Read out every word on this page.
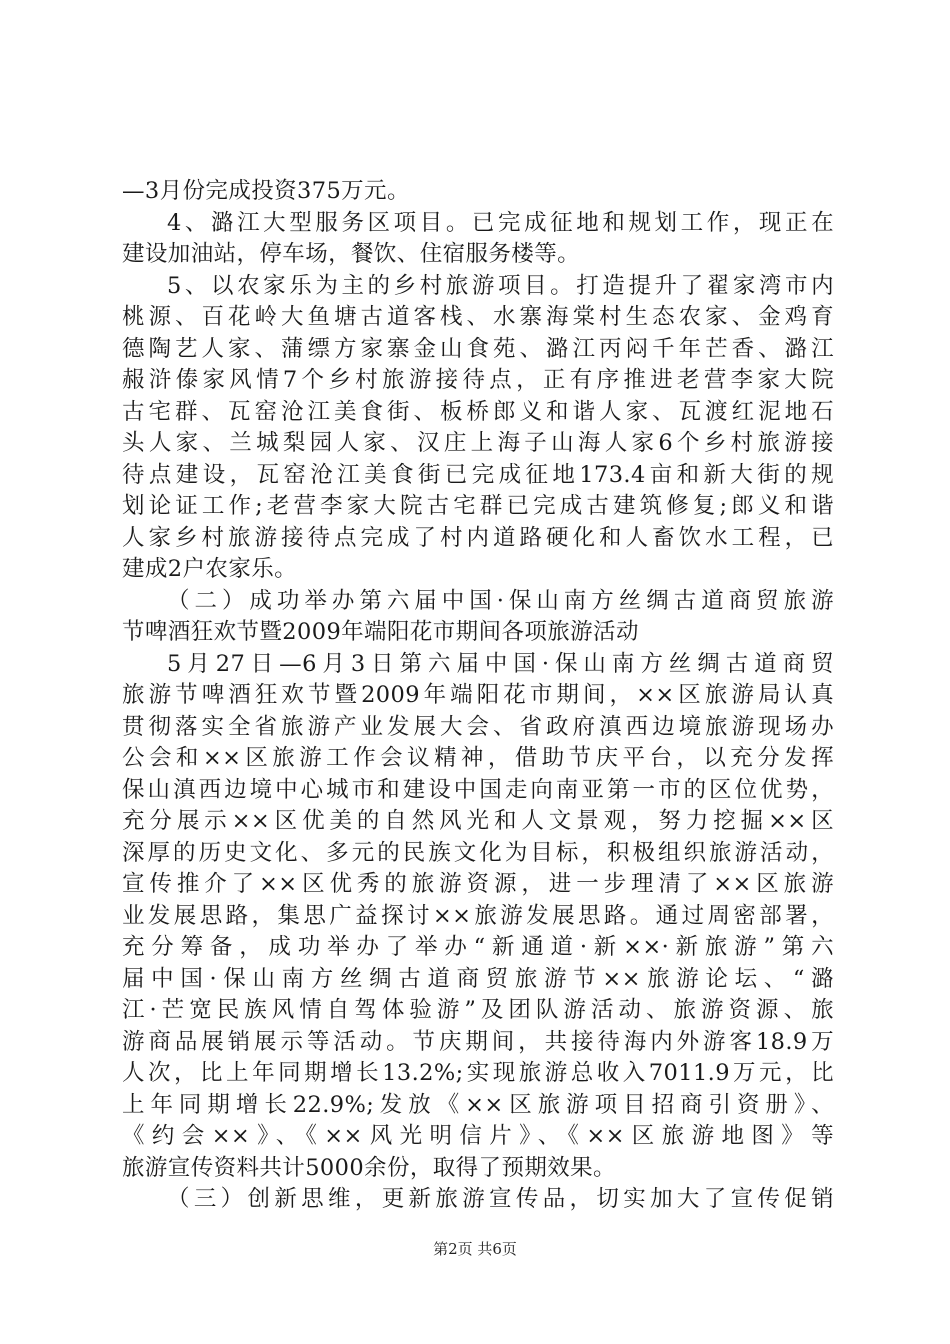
—3月份完成投资375万元。
4、潞江大型服务区项目。已完成征地和规划工作，现正在
建设加油站，停车场，餐饮、住宿服务楼等。
5、以农家乐为主的乡村旅游项目。打造提升了翟家湾市内
桃源、百花岭大鱼塘古道客栈、水寨海棠村生态农家、金鸡育
德陶艺人家、蒲缥方家寨金山食苑、潞江丙闷千年芒香、潞江
赧浒傣家风情7个乡村旅游接待点，正有序推进老营李家大院
古宅群、瓦窑沧江美食街、板桥郎义和谐人家、瓦渡红泥地石
头人家、兰城梨园人家、汉庄上海子山海人家6个乡村旅游接
待点建设，瓦窑沧江美食街已完成征地173.4亩和新大街的规
划论证工作;老营李家大院古宅群已完成古建筑修复;郎义和谐
人家乡村旅游接待点完成了村内道路硬化和人畜饮水工程，已
建成2户农家乐。
（二）成功举办第六届中国·保山南方丝绸古道商贸旅游
节啤酒狂欢节暨2009年端阳花市期间各项旅游活动
5月27日—6月3日第六届中国·保山南方丝绸古道商贸
旅游节啤酒狂欢节暨2009年端阳花市期间，××区旅游局认真
贯彻落实全省旅游产业发展大会、省政府滇西边境旅游现场办
公会和××区旅游工作会议精神，借助节庆平台，以充分发挥
保山滇西边境中心城市和建设中国走向南亚第一市的区位优势，
充分展示××区优美的自然风光和人文景观，努力挖掘××区
深厚的历史文化、多元的民族文化为目标，积极组织旅游活动，
宣传推介了××区优秀的旅游资源，进一步理清了××区旅游
业发展思路，集思广益探讨××旅游发展思路。通过周密部署，
充分筹备，成功举办了举办“新通道·新××·新旅游”第六
届中国·保山南方丝绸古道商贸旅游节××旅游论坛、“潞
江·芒宽民族风情自驾体验游”及团队游活动、旅游资源、旅
游商品展销展示等活动。节庆期间，共接待海内外游客18.9万
人次，比上年同期增长13.2%;实现旅游总收入7011.9万元，比
上年同期增长22.9%;发放《××区旅游项目招商引资册》、
《约会××》、《××风光明信片》、《××区旅游地图》等
旅游宣传资料共计5000余份，取得了预期效果。
（三）创新思维，更新旅游宣传品，切实加大了宣传促销
第2页 共6页
